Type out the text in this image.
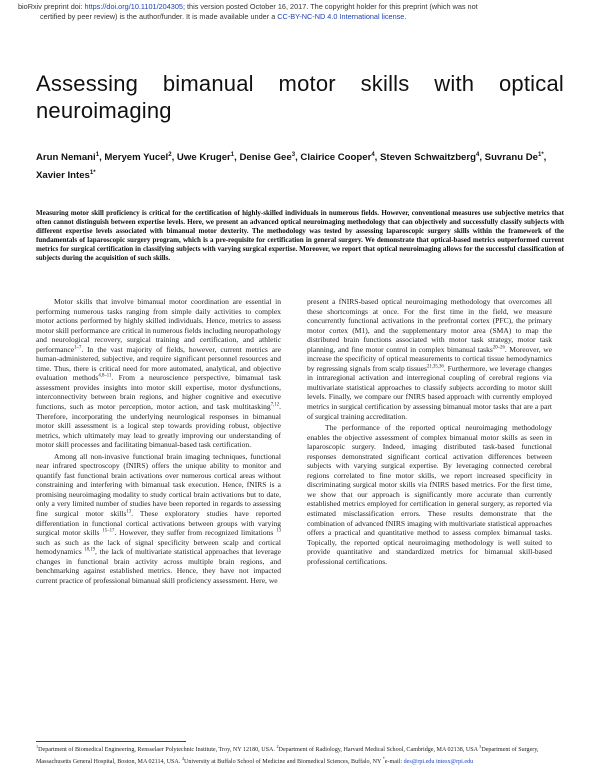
bioRxiv preprint doi: https://doi.org/10.1101/204305; this version posted October 16, 2017. The copyright holder for this preprint (which was not
certified by peer review) is the author/funder. It is made available under a CC-BY-NC-ND 4.0 International license.
Assessing bimanual motor skills with optical neuroimaging

Arun Nemani$^1$, Meryem Yucel$^2$, Uwe Kruger$^1$, Denise Gee$^3$, Clairice Cooper$^4$, Steven Schwaitzberg$^4$, Suvranu $De^{1*}$, Xavier Intes$^{1*}$

Measuring motor skill proficiency is critical for the certification of highly-skilled individuals in numerous fields. However, conventional measures use subjective metrics that often cannot distinguish between expertise levels. Here, we present an advanced optical neuroimaging methodology that can objectively and successfully classify subjects with different expertise levels associated with bimanual motor dexterity. The methodology was tested by assessing laparoscopic surgery skills within the framework of the fundamentals of laparoscopic surgery program, which is a pre-requisite for certification in general surgery. We demonstrate that optical-based metrics outperformed current metrics for surgical certification in classifying subjects with varying surgical expertise. Moreover, we report that optical neuroimaging allows for the successful classification of subjects during the acquisition of such skills.

Motor skills that involve bimanual motor coordination are essential in performing numerous tasks ranging from simple daily activities to complex motor actions performed by highly skilled individuals. Hence, metrics to assess motor skill performance are critical in numerous fields including neuropathology and neurological recovery, surgical training and certification, and athletic performance$^{1-7}$. In the vast majority of fields, however, current metrics are human-administered, subjective, and require significant personnel resources and time. Thus, there is critical need for more automated, analytical, and objective evaluation methods$^{4,8-11}$. From a neuroscience perspective, bimanual task assessment provides insights into motor skill expertise, motor dysfunctions, interconnectivity between brain regions, and higher cognitive and executive functions, such as motor perception, motor action, and task multitasking$^{7,12}$. Therefore, incorporating the underlying neurological responses in bimanual motor skill assessment is a logical step towards providing robust, objective metrics, which ultimately may lead to greatly improving our understanding of motor skill processes and facilitating bimanual-based task certification.

Among all non-invasive functional brain imaging techniques, functional near infrared spectroscopy (fNIRS) offers the unique ability to monitor and quantify fast functional brain activations over numerous cortical areas without constraining and interfering with bimanual task execution. Hence, fNIRS is a promising neuroimaging modality to study cortical brain activations but to date, only a very limited number of studies have been reported in regards to assessing fine surgical motor skills$^{13}$. These exploratory studies have reported differentiation in functional cortical activations between groups with varying surgical motor skills $^{15-17}$. However, they suffer from recognized limitations $^{13}$ such as such as the lack of signal specificity between scalp and cortical hemodynamics $^{18,19}$, the lack of multivariate statistical approaches that leverage changes in functional brain activity across multiple brain regions, and benchmarking against established metrics. Hence, they have not impacted current practice of professional bimanual skill proficiency assessment. Here, we

present a fNIRS-based optical neuroimaging methodology that overcomes all these shortcomings at once. For the first time in the field, we measure concurrently functional activations in the prefrontal cortex (PFC), the primary motor cortex (M1), and the supplementary motor area (SMA) to map the distributed brain functions associated with motor task strategy, motor task planning, and fine motor control in complex bimanual tasks$^{20-26}$. Moreover, we increase the specificity of optical measurements to cortical tissue hemodynamics by regressing signals from scalp tissues$^{21,35,36}$. Furthermore, we leverage changes in intraregional activation and interregional coupling of cerebral regions via multivariate statistical approaches to classify subjects according to motor skill levels. Finally, we compare our fNIRS based approach with currently employed metrics in surgical certification by assessing bimanual motor tasks that are a part of surgical training accreditation.

The performance of the reported optical neuroimaging methodology enables the objective assessment of complex bimanual motor skills as seen in laparoscopic surgery. Indeed, imaging distributed task-based functional responses demonstrated significant cortical activation differences between subjects with varying surgical expertise. By leveraging connected cerebral regions correlated to fine motor skills, we report increased specificity in discriminating surgical motor skills via fNIRS based metrics. For the first time, we show that our approach is significantly more accurate than currently established metrics employed for certification in general surgery, as reported via estimated misclassification errors. These results demonstrate that the combination of advanced fNIRS imaging with multivariate statistical approaches offers a practical and quantitative method to assess complex bimanual tasks. Topically, the reported optical neuroimaging methodology is well suited to provide quantitative and standardized metrics for bimanual skill-based professional certifications.

$^1$Department of Biomedical Engineering, Rensselaer Polytechnic Institute, Troy, NY 12180, USA. $^2$Department of Radiology, Harvard Medical School, Cambridge, MA 02138, USA $^3$Department of Surgery, Massachusetts General Hospital, Boston, MA 02114, USA. $^4$University at Buffalo School of Medicine and Biomedical Sciences, Buffalo, NY *e-mail: des@rpi.edu intesx@rpi.edu
